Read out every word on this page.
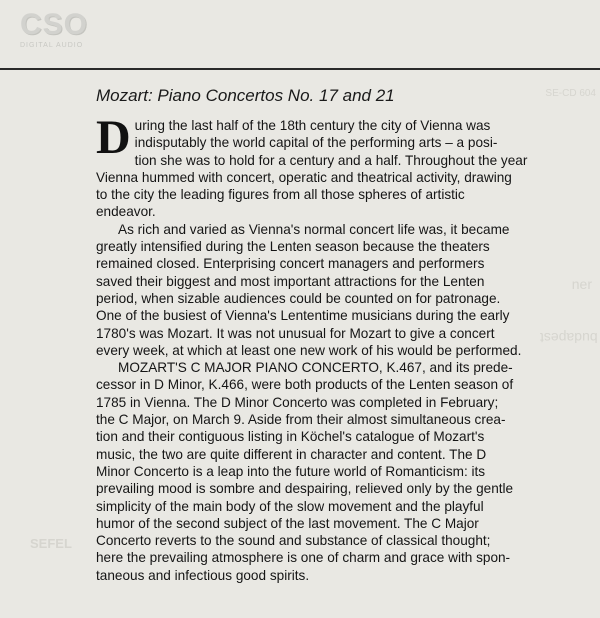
CSO
DIGITAL AUDIO
SE-CD 604
ner
budapest
SEFEL
Mozart: Piano Concertos No. 17 and 21
D uring the last half of the 18th century the city of Vienna was
indisputably the world capital of the performing arts – a posi-
tion she was to hold for a century and a half. Throughout the year
Vienna hummed with concert, operatic and theatrical activity, drawing
to the city the leading figures from all those spheres of artistic
endeavor.
As rich and varied as Vienna's normal concert life was, it became
greatly intensified during the Lenten season because the theaters
remained closed. Enterprising concert managers and performers
saved their biggest and most important attractions for the Lenten
period, when sizable audiences could be counted on for patronage.
One of the busiest of Vienna's Lententime musicians during the early
1780's was Mozart. It was not unusual for Mozart to give a concert
every week, at which at least one new work of his would be performed.
MOZART'S C MAJOR PIANO CONCERTO, K.467, and its prede-
cessor in D Minor, K.466, were both products of the Lenten season of
1785 in Vienna. The D Minor Concerto was completed in February;
the C Major, on March 9. Aside from their almost simultaneous crea-
tion and their contiguous listing in Köchel's catalogue of Mozart's
music, the two are quite different in character and content. The D
Minor Concerto is a leap into the future world of Romanticism: its
prevailing mood is sombre and despairing, relieved only by the gentle
simplicity of the main body of the slow movement and the playful
humor of the second subject of the last movement. The C Major
Concerto reverts to the sound and substance of classical thought;
here the prevailing atmosphere is one of charm and grace with spon-
taneous and infectious good spirits.
